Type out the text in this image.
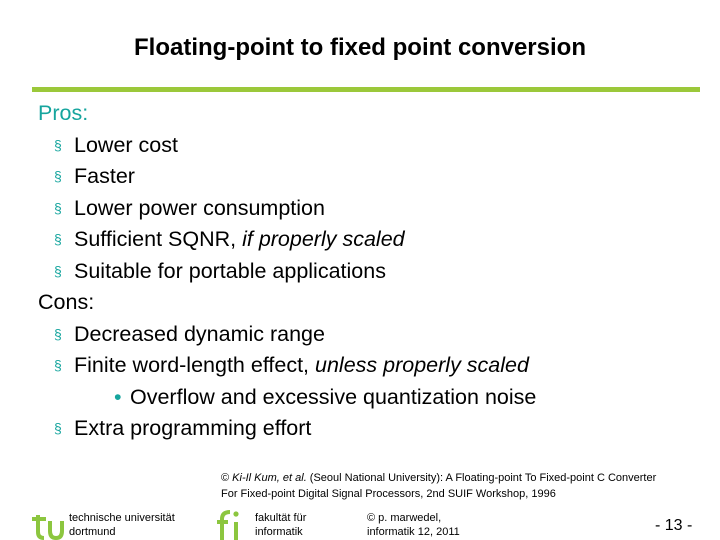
Floating-point to fixed point conversion
Pros:
§ Lower cost
§ Faster
§ Lower power consumption
§ Sufficient SQNR, if properly scaled
§ Suitable for portable applications
Cons:
§ Decreased dynamic range
§ Finite word-length effect, unless properly scaled
• Overflow and excessive quantization noise
§ Extra programming effort
© Ki-Il Kum, et al. (Seoul National University): A Floating-point To Fixed-point C Converter
For Fixed-point Digital Signal Processors, 2nd SUIF Workshop, 1996
technische universität
dortmund
fakultät für
informatik
© p. marwedel,
informatik 12, 2011	- 13 -
